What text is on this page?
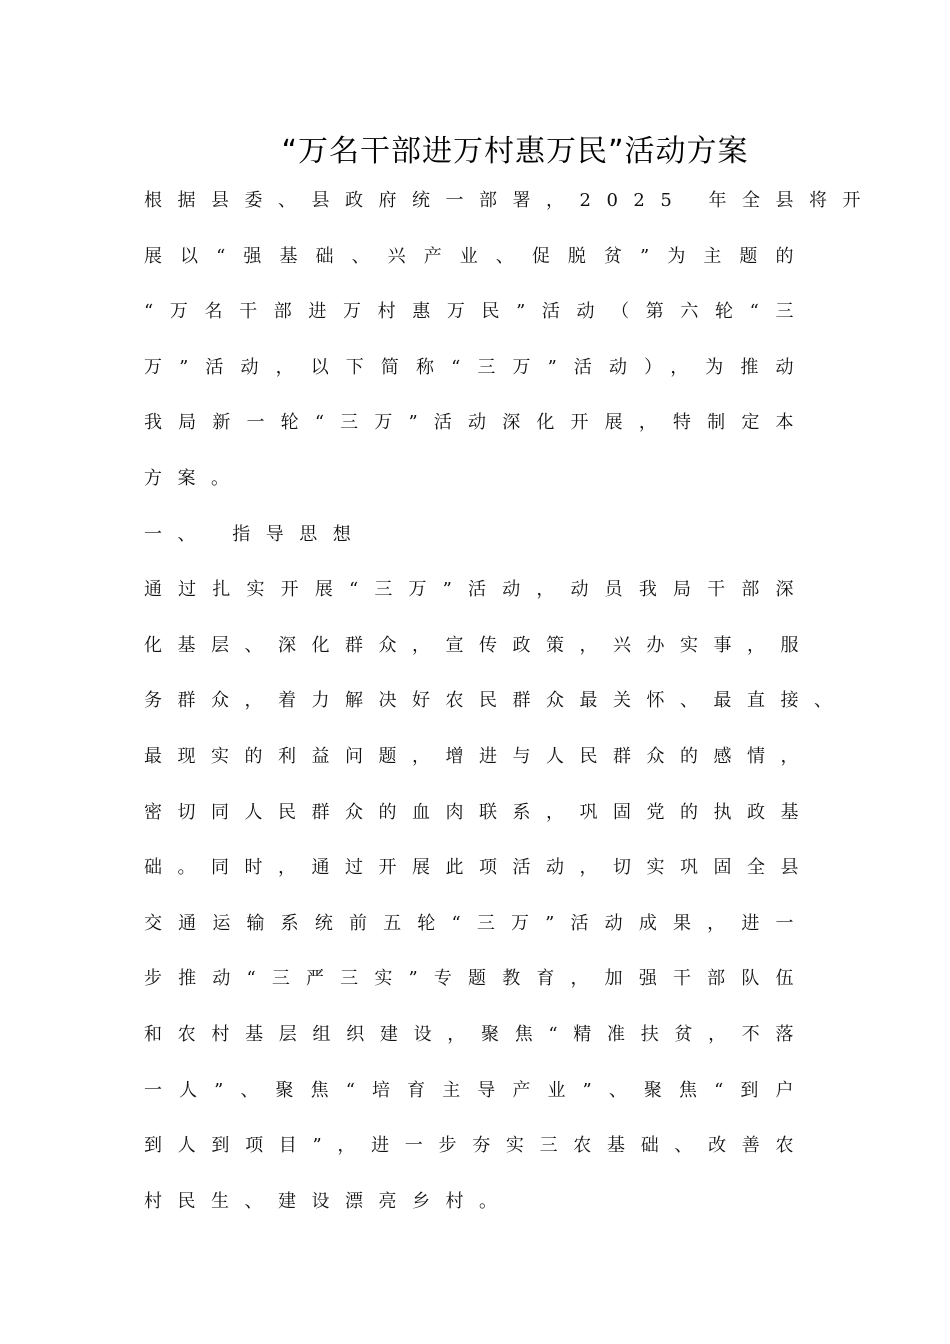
“万名干部进万村惠万民”活动方案
根据县委、县政府统一部署，2025 年全县将开
展以“强基础、兴产业、促脱贫”为主题的
“万名干部进万村惠万民”活动（第六轮“三
万”活动，以下简称“三万”活动），为推动
我局新一轮“三万”活动深化开展，特制定本
方案。
一、 指导思想
通过扎实开展“三万”活动，动员我局干部深
化基层、深化群众，宣传政策，兴办实事，服
务群众，着力解决好农民群众最关怀、最直接、
最现实的利益问题，增进与人民群众的感情，
密切同人民群众的血肉联系，巩固党的执政基
础。同时，通过开展此项活动，切实巩固全县
交通运输系统前五轮“三万”活动成果，进一
步推动“三严三实”专题教育，加强干部队伍
和农村基层组织建设，聚焦“精准扶贫，不落
一人”、聚焦“培育主导产业”、聚焦“到户
到人到项目”，进一步夯实三农基础、改善农
村民生、建设漂亮乡村。
